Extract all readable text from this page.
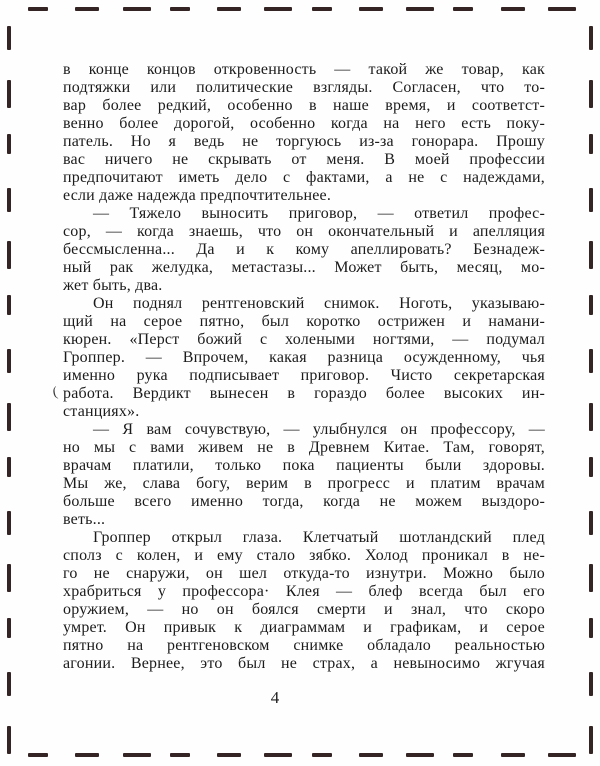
в конце концов откровенность — такой же товар, как
подтяжки или политические взгляды. Согласен, что то-
вар более редкий, особенно в наше время, и соответст-
венно более дорогой, особенно когда на него есть поку-
патель. Но я ведь не торгуюсь из-за гонорара. Прошу
вас ничего не скрывать от меня. В моей профессии
предпочитают иметь дело с фактами, а не с надеждами,
если даже надежда предпочтительнее.
— Тяжело выносить приговор, — ответил профес-
сор, — когда знаешь, что он окончательный и апелляция
бессмысленна... Да и к кому апеллировать? Безнадеж-
ный рак желудка, метастазы... Может быть, месяц, мо-
жет быть, два.
Он поднял рентгеновский снимок. Ноготь, указываю-
щий на серое пятно, был коротко острижен и намани-
кюрен. «Перст божий с холеными ногтями, — подумал
Гроппер. — Впрочем, какая разница осужденному, чья
именно рука подписывает приговор. Чисто секретарская
работа. Вердикт вынесен в гораздо более высоких ин-
станциях».
— Я вам сочувствую, — улыбнулся он профессору, —
но мы с вами живем не в Древнем Китае. Там, говорят,
врачам платили, только пока пациенты были здоровы.
Мы же, слава богу, верим в прогресс и платим врачам
больше всего именно тогда, когда не можем выздоро-
веть...
Гроппер открыл глаза. Клетчатый шотландский плед
сполз с колен, и ему стало зябко. Холод проникал в не-
го не снаружи, он шел откуда-то изнутри. Можно было
храбриться у профессора· Клея — блеф всегда был его
оружием, — но он боялся смерти и знал, что скоро
умрет. Он привык к диаграммам и графикам, и серое
пятно на рентгеновском снимке обладало реальностью
агонии. Вернее, это был не страх, а невыносимо жгучая
(
4
